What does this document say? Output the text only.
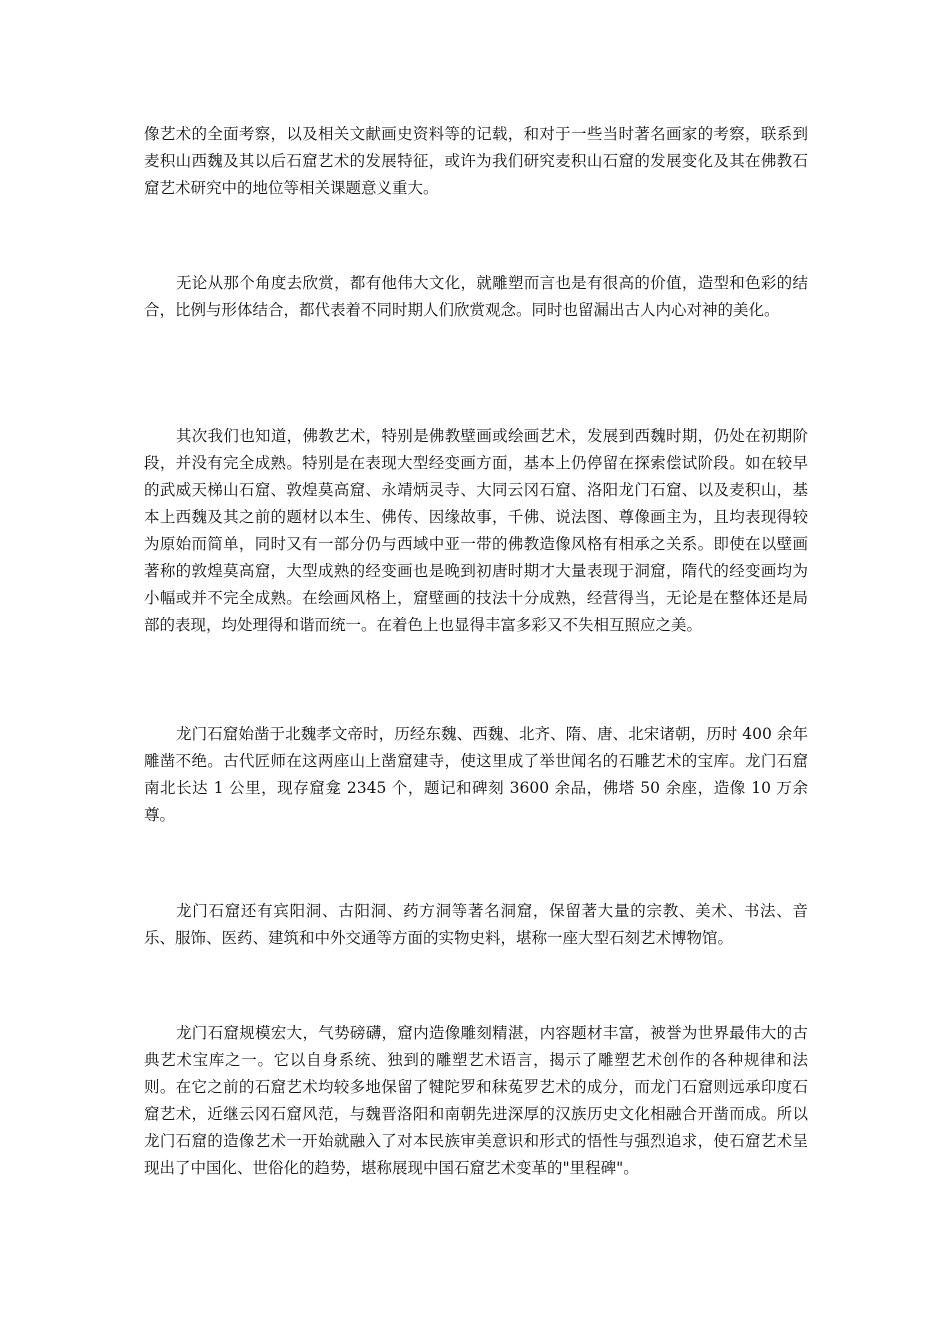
像艺术的全面考察，以及相关文献画史资料等的记载，和对于一些当时著名画家的考察，联系到麦积山西魏及其以后石窟艺术的发展特征，或许为我们研究麦积山石窟的发展变化及其在佛教石窟艺术研究中的地位等相关课题意义重大。

无论从那个角度去欣赏，都有他伟大文化，就雕塑而言也是有很高的价值，造型和色彩的结合，比例与形体结合，都代表着不同时期人们欣赏观念。同时也留漏出古人内心对神的美化。

其次我们也知道，佛教艺术，特别是佛教壁画或绘画艺术，发展到西魏时期，仍处在初期阶段，并没有完全成熟。特别是在表现大型经变画方面，基本上仍停留在探索偿试阶段。如在较早的武威天梯山石窟、敦煌莫高窟、永靖炳灵寺、大同云冈石窟、洛阳龙门石窟、以及麦积山，基本上西魏及其之前的题材以本生、佛传、因缘故事，千佛、说法图、尊像画主为，且均表现得较为原始而简单，同时又有一部分仍与西域中亚一带的佛教造像风格有相承之关系。即使在以壁画著称的敦煌莫高窟，大型成熟的经变画也是晚到初唐时期才大量表现于洞窟，隋代的经变画均为小幅或并不完全成熟。在绘画风格上，窟壁画的技法十分成熟，经营得当，无论是在整体还是局部的表现，均处理得和谐而统一。在着色上也显得丰富多彩又不失相互照应之美。

龙门石窟始凿于北魏孝文帝时，历经东魏、西魏、北齐、隋、唐、北宋诸朝，历时 400 余年雕凿不绝。古代匠师在这两座山上凿窟建寺，使这里成了举世闻名的石雕艺术的宝库。龙门石窟南北长达 1 公里，现存窟龛 2345 个，题记和碑刻 3600 余品，佛塔 50 余座，造像 10 万余尊。

龙门石窟还有宾阳洞、古阳洞、药方洞等著名洞窟，保留著大量的宗教、美术、书法、音乐、服饰、医药、建筑和中外交通等方面的实物史料，堪称一座大型石刻艺术博物馆。

龙门石窟规模宏大，气势磅礴，窟内造像雕刻精湛，内容题材丰富，被誉为世界最伟大的古典艺术宝库之一。它以自身系统、独到的雕塑艺术语言，揭示了雕塑艺术创作的各种规律和法则。在它之前的石窟艺术均较多地保留了犍陀罗和秣菟罗艺术的成分，而龙门石窟则远承印度石窟艺术，近继云冈石窟风范，与魏晋洛阳和南朝先进深厚的汉族历史文化相融合开凿而成。所以龙门石窟的造像艺术一开始就融入了对本民族审美意识和形式的悟性与强烈追求，使石窟艺术呈现出了中国化、世俗化的趋势，堪称展现中国石窟艺术变革的"里程碑"。
